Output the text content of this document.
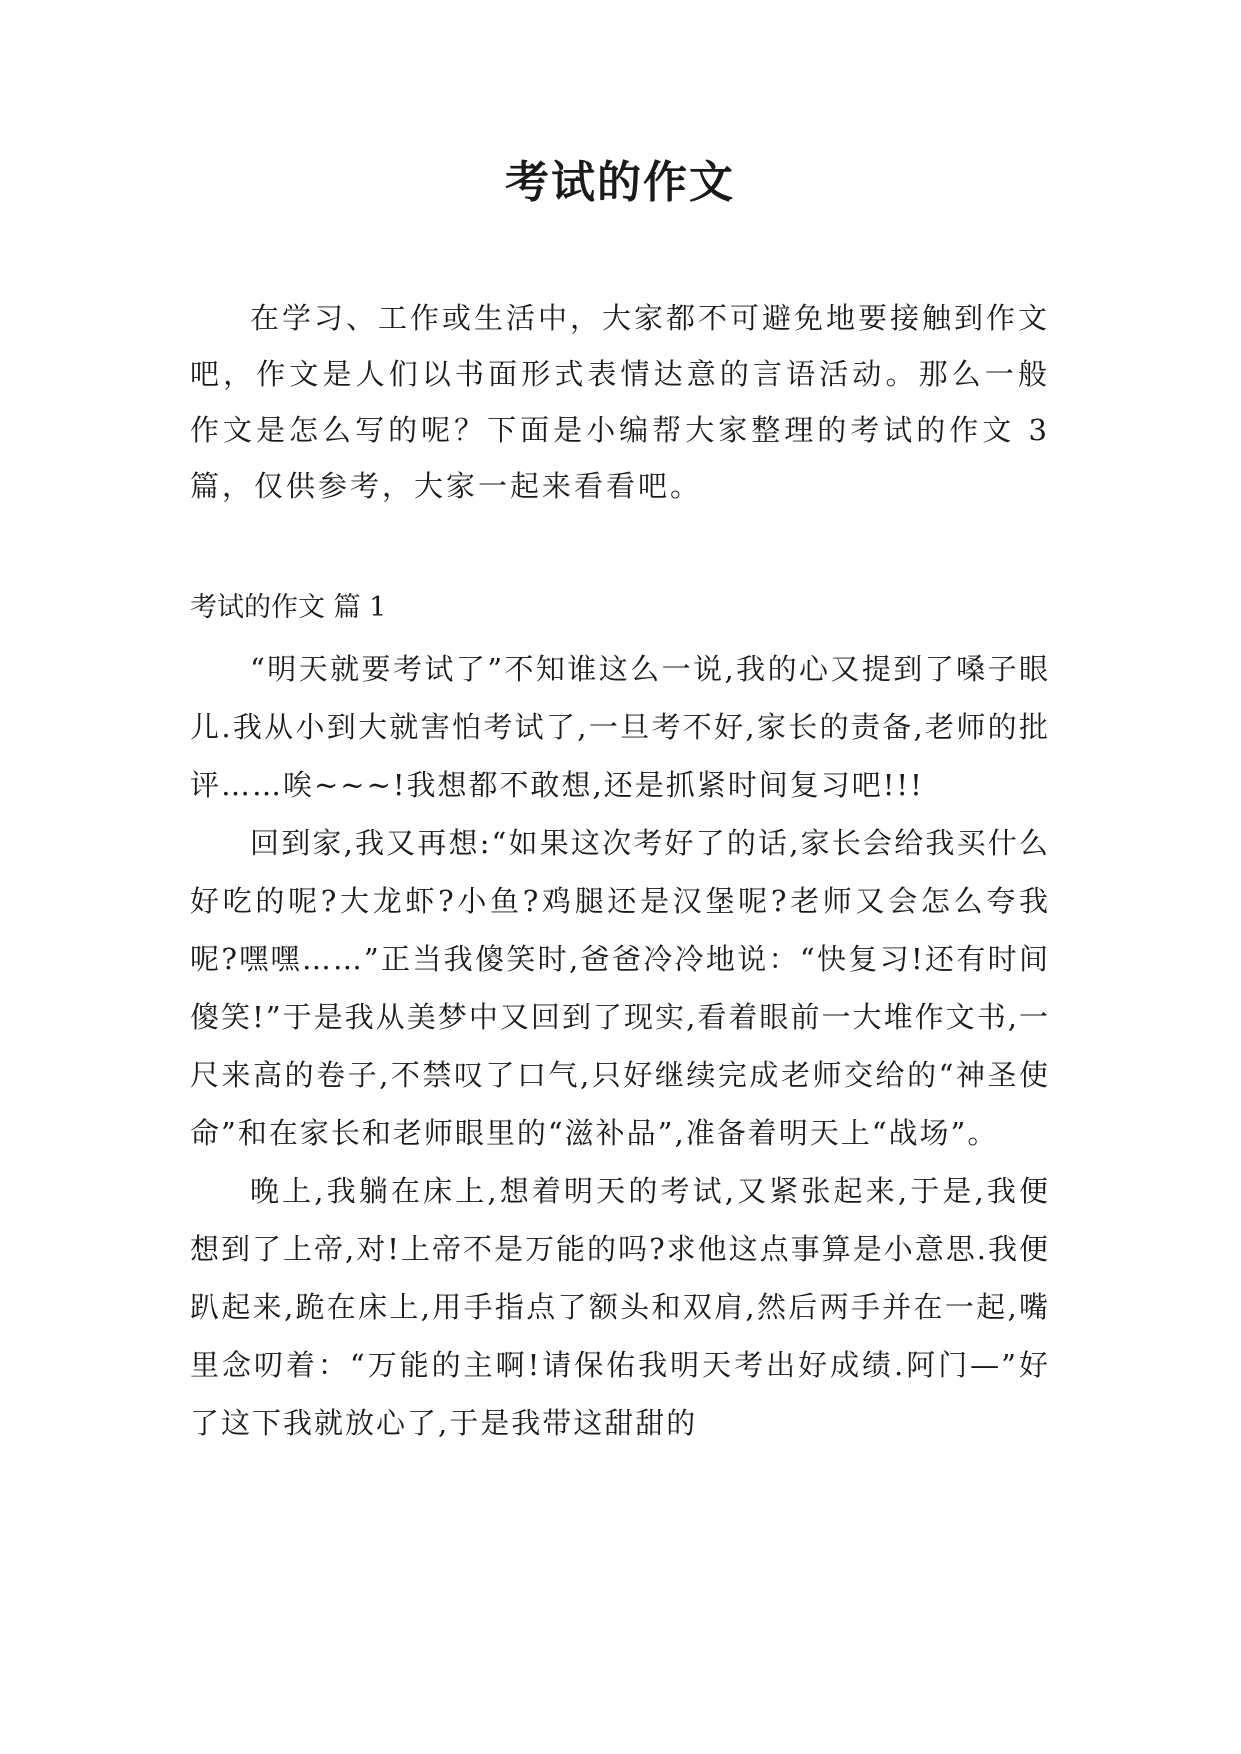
考试的作文

在学习、工作或生活中，大家都不可避免地要接触到作文吧，作文是人们以书面形式表情达意的言语活动。那么一般作文是怎么写的呢？下面是小编帮大家整理的考试的作文 3 篇，仅供参考，大家一起来看看吧。

考试的作文 篇 1

“明天就要考试了”不知谁这么一说,我的心又提到了嗓子眼儿.我从小到大就害怕考试了,一旦考不好,家长的责备,老师的批评……唉~~~!我想都不敢想,还是抓紧时间复习吧!!!

回到家,我又再想:“如果这次考好了的话,家长会给我买什么好吃的呢?大龙虾?小鱼?鸡腿还是汉堡呢?老师又会怎么夸我呢?嘿嘿……”正当我傻笑时,爸爸冷冷地说：“快复习!还有时间傻笑!”于是我从美梦中又回到了现实,看着眼前一大堆作文书,一尺来高的卷子,不禁叹了口气,只好继续完成老师交给的“神圣使命”和在家长和老师眼里的“滋补品”,准备着明天上“战场”。

晚上,我躺在床上,想着明天的考试,又紧张起来,于是,我便想到了上帝,对!上帝不是万能的吗?求他这点事算是小意思.我便趴起来,跪在床上,用手指点了额头和双肩,然后两手并在一起,嘴里念叨着：“万能的主啊!请保佑我明天考出好成绩.阿门—”好了这下我就放心了,于是我带这甜甜的
